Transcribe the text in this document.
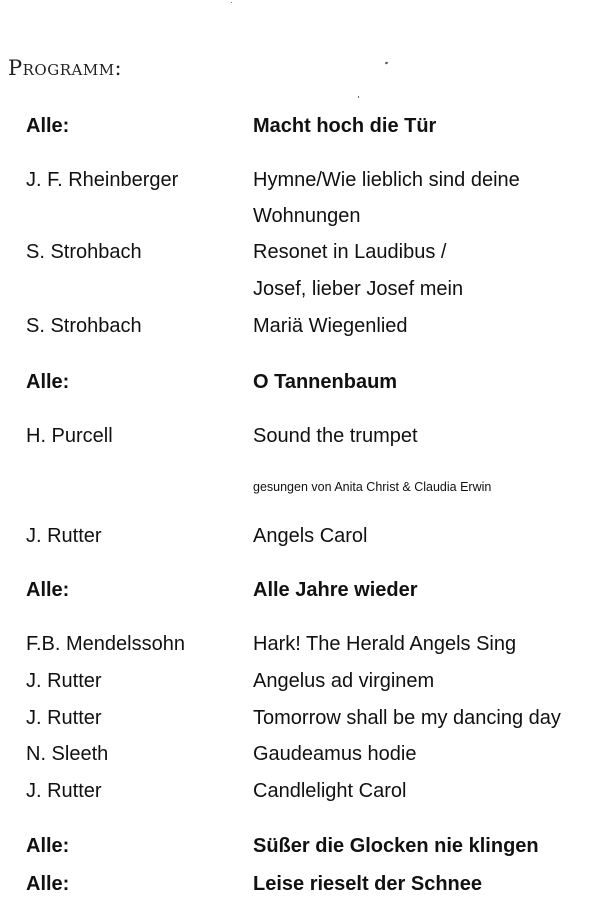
Programm:
Alle:	Macht hoch die Tür
J. F. Rheinberger	Hymne/Wie lieblich sind deine
Wohnungen
S. Strohbach	Resonet in Laudibus /
Josef, lieber Josef mein
S. Strohbach	Mariä Wiegenlied
Alle:	O Tannenbaum
H. Purcell	Sound the trumpet
gesungen von Anita Christ & Claudia Erwin
J. Rutter	Angels Carol
Alle:	Alle Jahre wieder
F.B. Mendelssohn	Hark! The Herald Angels Sing
J. Rutter	Angelus ad virginem
J. Rutter	Tomorrow shall be my dancing day
N. Sleeth	Gaudeamus hodie
J. Rutter	Candlelight Carol
Alle:	Süßer die Glocken nie klingen
Alle:	Leise rieselt der Schnee
